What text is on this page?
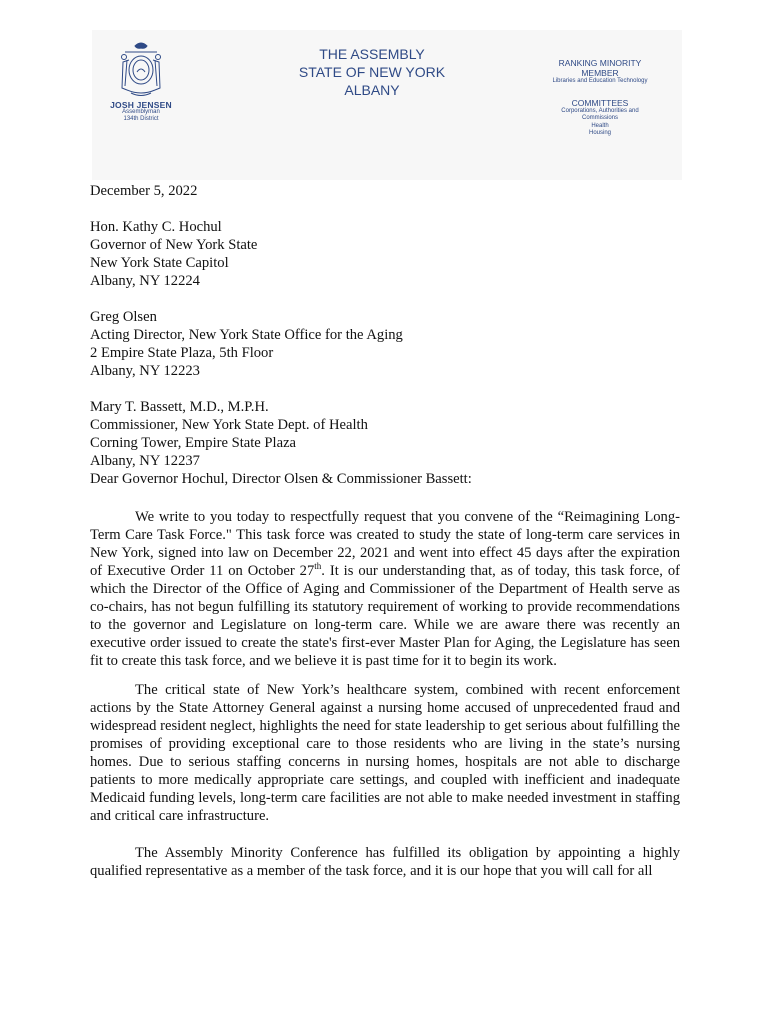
JOSH JENSEN
Assemblyman
134th District
THE ASSEMBLY
STATE OF NEW YORK
ALBANY
RANKING MINORITY
MEMBER
Libraries and Education Technology
COMMITTEES
Corporations, Authorities and
Commissions
Health
Housing

December 5, 2022

Hon. Kathy C. Hochul

Governor of New York State

New York State Capitol

Albany, NY 12224

Greg Olsen

Acting Director, New York State Office for the Aging

2 Empire State Plaza, 5th Floor

Albany, NY 12223

Mary T. Bassett, M.D., M.P.H.

Commissioner, New York State Dept. of Health

Corning Tower, Empire State Plaza

Albany, NY 12237

Dear Governor Hochul, Director Olsen & Commissioner Bassett:

We write to you today to respectfully request that you convene of the “Reimagining Long-Term Care Task Force." This task force was created to study the state of long-term care services in New York, signed into law on December 22, 2021 and went into effect 45 days after the expiration of Executive Order 11 on October 27th. It is our understanding that, as of today, this task force, of which the Director of the Office of Aging and Commissioner of the Department of Health serve as co-chairs, has not begun fulfilling its statutory requirement of working to provide recommendations to the governor and Legislature on long-term care. While we are aware there was recently an executive order issued to create the state's first-ever Master Plan for Aging, the Legislature has seen fit to create this task force, and we believe it is past time for it to begin its work.

The critical state of New York’s healthcare system, combined with recent enforcement actions by the State Attorney General against a nursing home accused of unprecedented fraud and widespread resident neglect, highlights the need for state leadership to get serious about fulfilling the promises of providing exceptional care to those residents who are living in the state’s nursing homes. Due to serious staffing concerns in nursing homes, hospitals are not able to discharge patients to more medically appropriate care settings, and coupled with inefficient and inadequate Medicaid funding levels, long-term care facilities are not able to make needed investment in staffing and critical care infrastructure.

The Assembly Minority Conference has fulfilled its obligation by appointing a highly qualified representative as a member of the task force, and it is our hope that you will call for all
